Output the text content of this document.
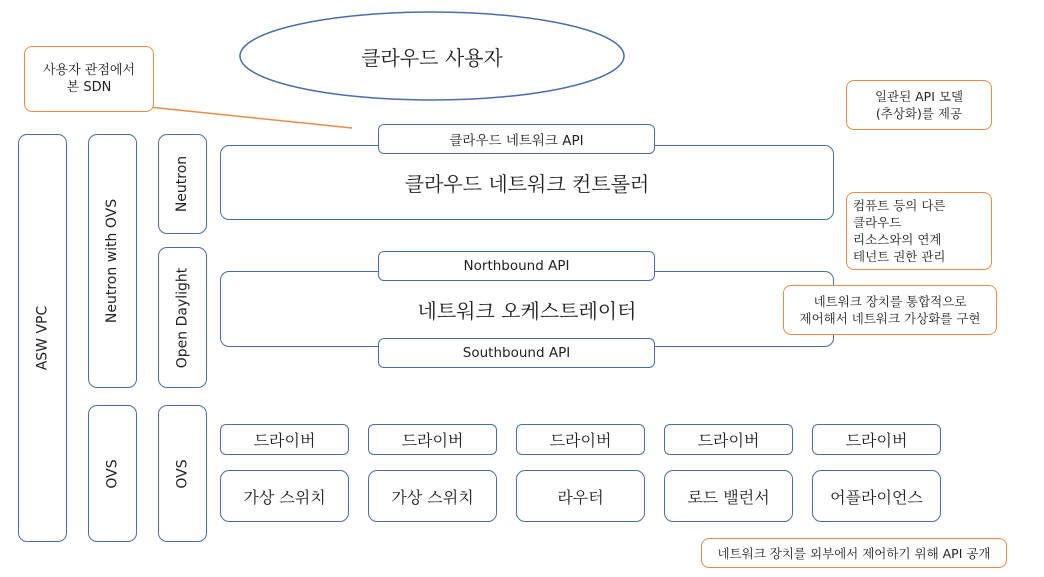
클라우드 사용자
사용자 관점에서
본 SDN
ASW VPC
Neutron with OVS
Neutron
Open Daylight
OVS	OVS
클라우드 네트워크 컨트롤러
클라우드 네트워크 API
네트워크 오케스트레이터
Northbound API
Southbound API
드라이버
가상 스위치
드라이버
가상 스위치
드라이버
라우터
드라이버
로드 밸런서
드라이버
어플라이언스
일관된 API 모델
(추상화)를 제공
컴퓨트 등의 다른
클라우드
리소스와의 연계
테넌트 권한 관리
네트워크 장치를 통합적으로
제어해서 네트워크 가상화를 구현
네트워크 장치를 외부에서 제어하기 위해 API 공개
